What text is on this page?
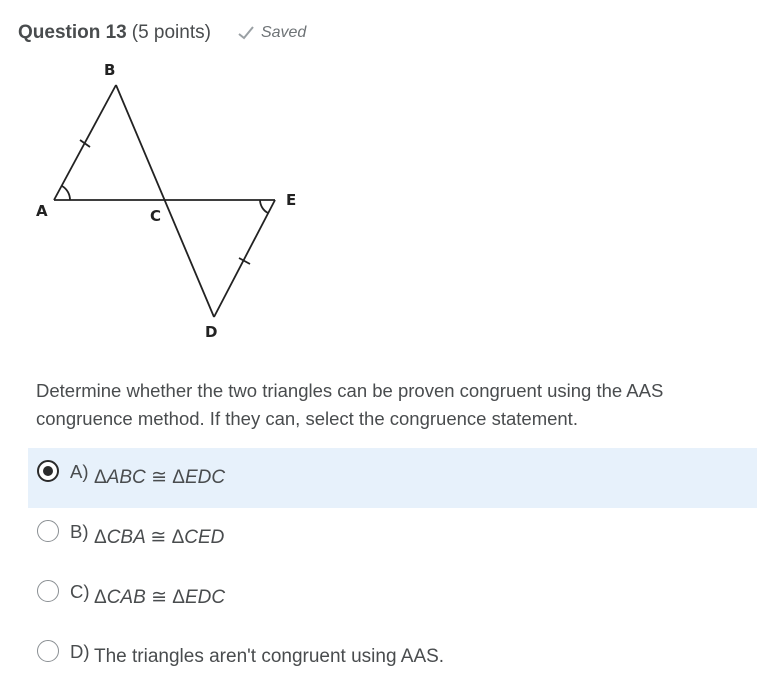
Question 13 (5 points)	Saved
B
A	C
E
D
Determine whether the two triangles can be proven congruent using the AAS congruence method. If they can, select the congruence statement.
A) ΔABC ≅ ΔEDC
B) ΔCBA ≅ ΔCED
C) ΔCAB ≅ ΔEDC
D) The triangles aren't congruent using AAS.
